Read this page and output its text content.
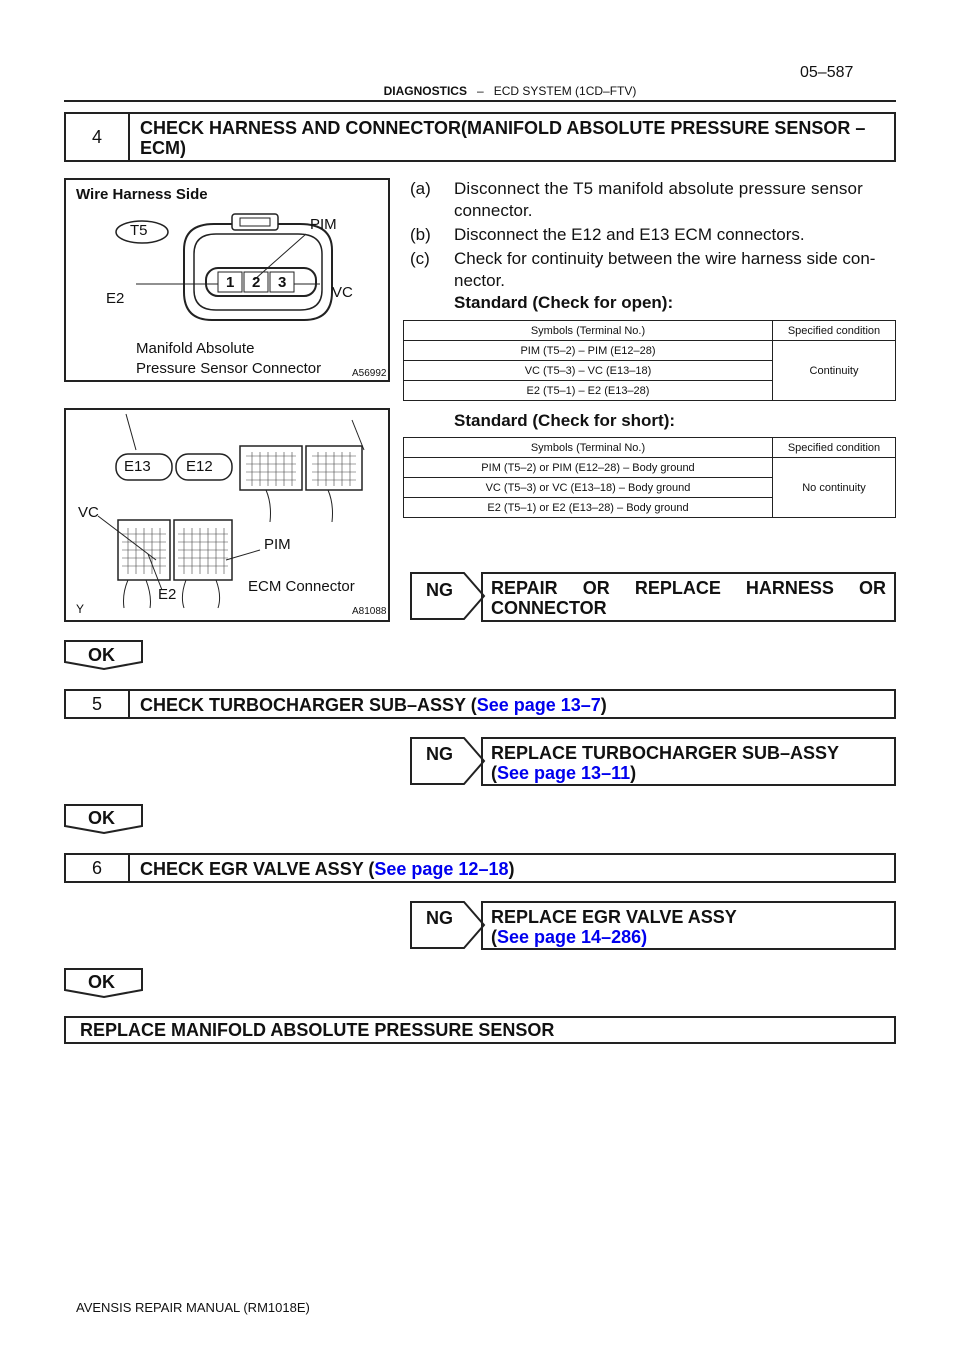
05–587
DIAGNOSTICS – ECD SYSTEM (1CD–FTV)
4	CHECK HARNESS AND CONNECTOR(MANIFOLD ABSOLUTE PRESSURE SENSOR – ECM)
Wire Harness Side
T5	PIM
VC
E2
1 2 3
Manifold Absolute
Pressure Sensor Connector	A56992
E13 E12
VC
PIM
E2	ECM Connector
Y	A81088
(a) Disconnect the T5 manifold absolute pressure sensor
connector.
(b) Disconnect the E12 and E13 ECM connectors.
(c) Check for continuity between the wire harness side con-
nector.
Standard (Check for open):
Symbols (Terminal No.)	Specified condition
PIM (T5–2) – PIM (E12–28)	Continuity
VC (T5–3) – VC (E13–18)	
E2 (T5–1) – E2 (E13–28)	
Standard (Check for short):
Symbols (Terminal No.)	Specified condition
PIM (T5–2) or PIM (E12–28) – Body ground	No continuity
VC (T5–3) or VC (E13–18) – Body ground	
E2 (T5–1) or E2 (E13–28) – Body ground	
NG REPAIR OR REPLACE HARNESS OR CONNECTOR
OK
5	CHECK TURBOCHARGER SUB–ASSY (See page 13–7)
NG REPLACE TURBOCHARGER SUB–ASSY
(See page 13–11)
OK
6	CHECK EGR VALVE ASSY (See page 12–18)
NG REPLACE EGR VALVE ASSY
(See page 14–286)
OK
REPLACE MANIFOLD ABSOLUTE PRESSURE SENSOR
AVENSIS REPAIR MANUAL (RM1018E)
